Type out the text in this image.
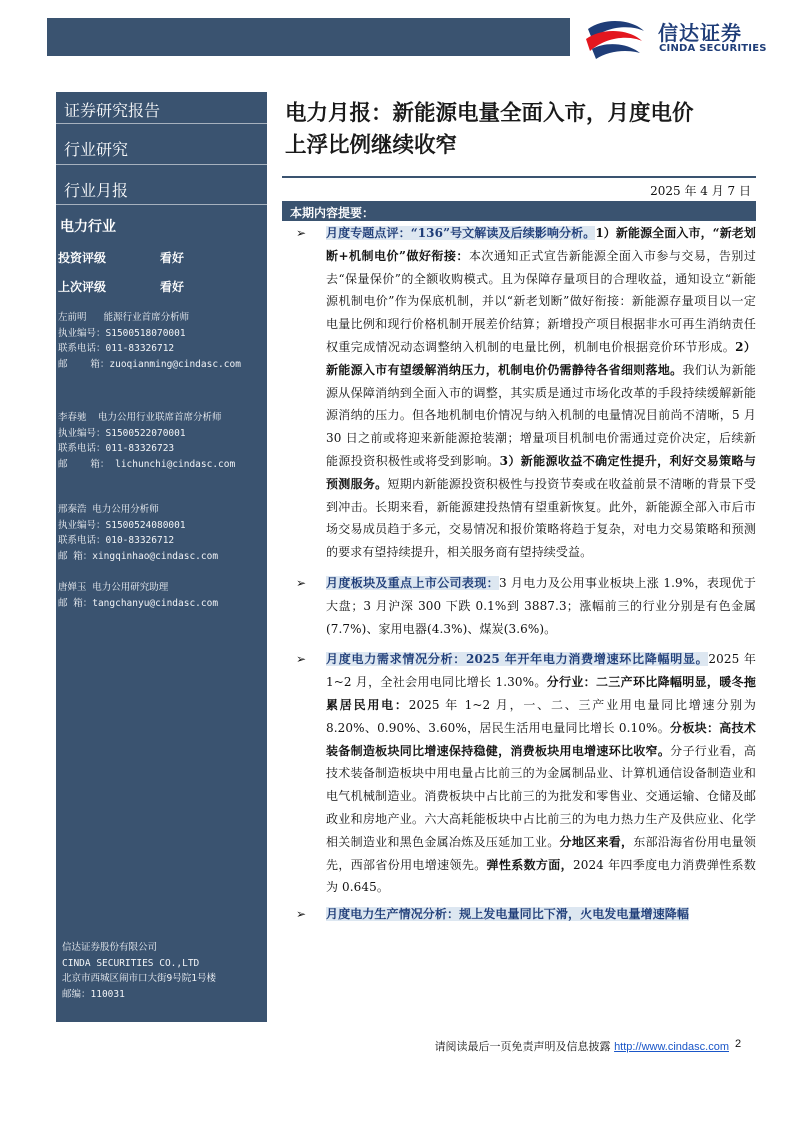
信达证券
CINDA SECURITIES
证券研究报告
行业研究
行业月报
电力行业
投资评级	看好
上次评级	看好
左前明   能源行业首席分析师
执业编号：S1500518070001
联系电话：011-83326712
邮    箱：zuoqianming@cindasc.com
李春驰  电力公用行业联席首席分析师
执业编号：S1500522070001
联系电话：011-83326723
邮    箱： lichunchi@cindasc.com
邢秦浩 电力公用分析师
执业编号：S1500524080001
联系电话：010-83326712
邮 箱：xingqinhao@cindasc.com
唐婵玉 电力公用研究助理
邮 箱：tangchanyu@cindasc.com
信达证券股份有限公司
CINDA SECURITIES CO.,LTD
北京市西城区闹市口大街9号院1号楼
邮编：110031
电力月报：新能源电量全面入市，月度电价
上浮比例继续收窄
2025 年 4 月 7 日
本期内容提要：
➢ 月度专题点评：“136”号文解读及后续影响分析。1）新能源全面入市，“新老划断+机制电价”做好衔接：本次通知正式宣告新能源全面入市参与交易，告别过去“保量保价”的全额收购模式。且为保障存量项目的合理收益，通知设立“新能源机制电价”作为保底机制，并以“新老划断”做好衔接：新能源存量项目以一定电量比例和现行价格机制开展差价结算；新增投产项目根据非水可再生消纳责任权重完成情况动态调整纳入机制的电量比例，机制电价根据竞价环节形成。2）新能源入市有望缓解消纳压力，机制电价仍需静待各省细则落地。我们认为新能源从保障消纳到全面入市的调整，其实质是通过市场化改革的手段持续缓解新能源消纳的压力。但各地机制电价情况与纳入机制的电量情况目前尚不清晰，5 月 30 日之前或将迎来新能源抢装潮；增量项目机制电价需通过竞价决定，后续新能源投资积极性或将受到影响。3）新能源收益不确定性提升，利好交易策略与预测服务。短期内新能源投资积极性与投资节奏或在收益前景不清晰的背景下受到冲击。长期来看，新能源建投热情有望重新恢复。此外，新能源全部入市后市场交易成员趋于多元，交易情况和报价策略将趋于复杂，对电力交易策略和预测的要求有望持续提升，相关服务商有望持续受益。
➢ 月度板块及重点上市公司表现：3 月电力及公用事业板块上涨 1.9%，表现优于大盘；3 月沪深 300 下跌 0.1%到 3887.3；涨幅前三的行业分别是有色金属(7.7%)、家用电器(4.3%)、煤炭(3.6%)。
➢ 月度电力需求情况分析：2025 年开年电力消费增速环比降幅明显。2025 年 1~2 月，全社会用电同比增长 1.30%。分行业：二三产环比降幅明显，暖冬拖累居民用电：2025 年 1~2 月，一、二、三产业用电量同比增速分别为 8.20%、0.90%、3.60%，居民生活用电量同比增长 0.10%。分板块：高技术装备制造板块同比增速保持稳健，消费板块用电增速环比收窄。分子行业看，高技术装备制造板块中用电量占比前三的为金属制品业、计算机通信设备制造业和电气机械制造业。消费板块中占比前三的为批发和零售业、交通运输、仓储及邮政业和房地产业。六大高耗能板块中占比前三的为电力热力生产及供应业、化学相关制造业和黑色金属冶炼及压延加工业。分地区来看，东部沿海省份用电量领先，西部省份用电增速领先。弹性系数方面，2024 年四季度电力消费弹性系数为 0.645。
➢ 月度电力生产情况分析：规上发电量同比下滑，火电发电量增速降幅
请阅读最后一页免责声明及信息披露 http://www.cindasc.com 2
